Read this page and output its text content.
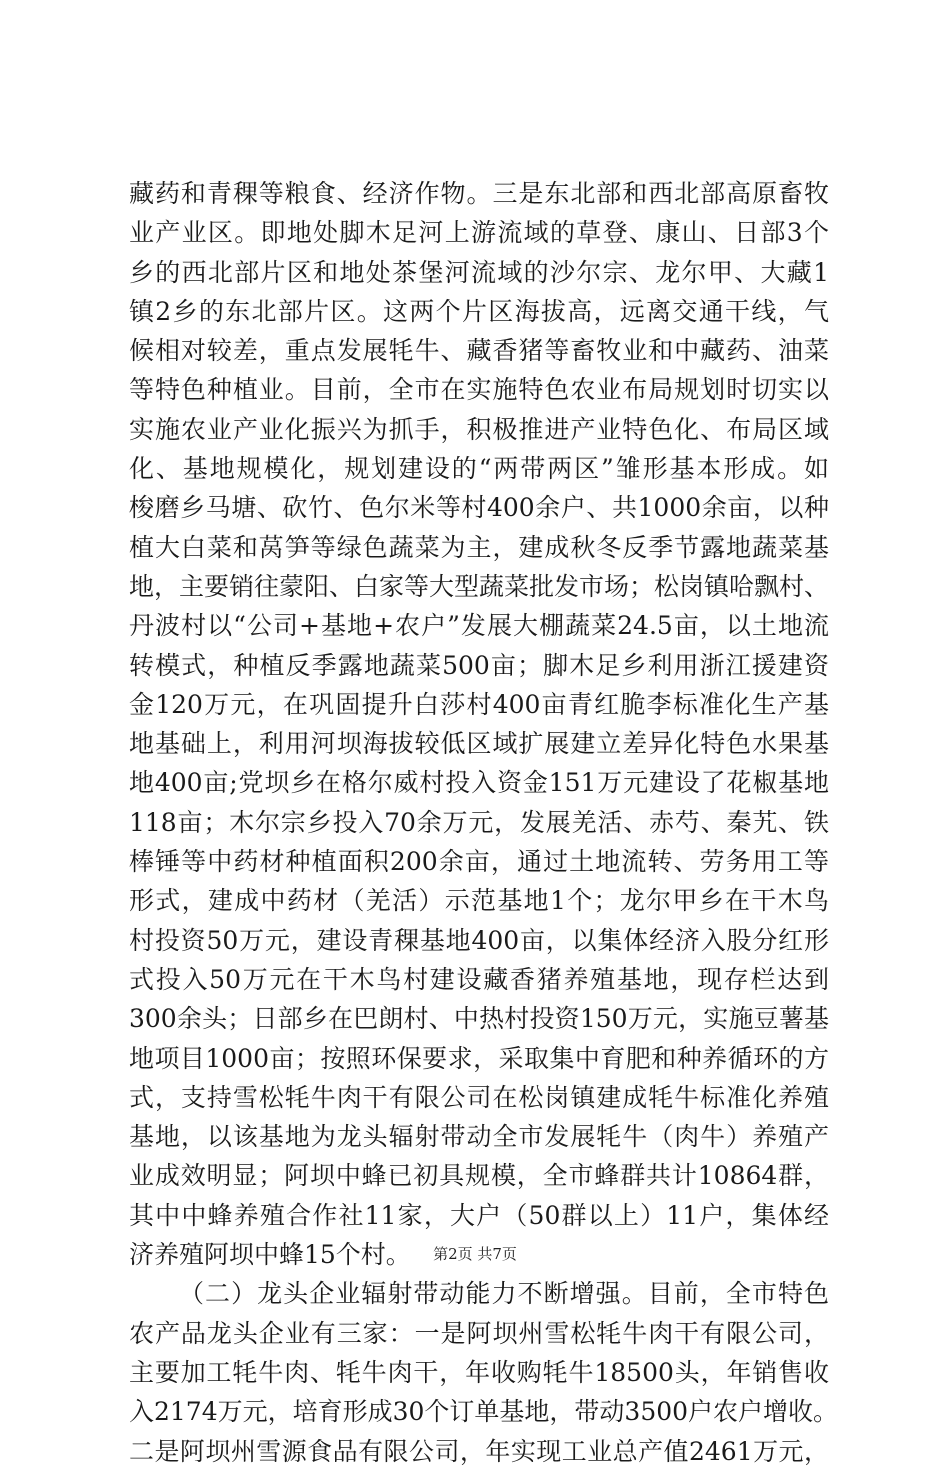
藏药和青稞等粮食、经济作物。三是东北部和西北部高原畜牧
业产业区。即地处脚木足河上游流域的草登、康山、日部3个
乡的西北部片区和地处茶堡河流域的沙尔宗、龙尔甲、大藏1
镇2乡的东北部片区。这两个片区海拔高，远离交通干线，气
候相对较差，重点发展牦牛、藏香猪等畜牧业和中藏药、油菜
等特色种植业。目前，全市在实施特色农业布局规划时切实以
实施农业产业化振兴为抓手，积极推进产业特色化、布局区域
化、基地规模化，规划建设的“两带两区”雏形基本形成。如
梭磨乡马塘、砍竹、色尔米等村400余户、共1000余亩，以种
植大白菜和莴笋等绿色蔬菜为主，建成秋冬反季节露地蔬菜基
地，主要销往蒙阳、白家等大型蔬菜批发市场；松岗镇哈飘村、
丹波村以“公司+基地+农户”发展大棚蔬菜24.5亩，以土地流
转模式，种植反季露地蔬菜500亩；脚木足乡利用浙江援建资
金120万元，在巩固提升白莎村400亩青红脆李标准化生产基
地基础上，利用河坝海拔较低区域扩展建立差异化特色水果基
地400亩;党坝乡在格尔威村投入资金151万元建设了花椒基地
118亩；木尔宗乡投入70余万元，发展羌活、赤芍、秦艽、铁
棒锤等中药材种植面积200余亩，通过土地流转、劳务用工等
形式，建成中药材（羌活）示范基地1个；龙尔甲乡在干木鸟
村投资50万元，建设青稞基地400亩，以集体经济入股分红形
式投入50万元在干木鸟村建设藏香猪养殖基地，现存栏达到
300余头；日部乡在巴朗村、中热村投资150万元，实施豆薯基
地项目1000亩；按照环保要求，采取集中育肥和种养循环的方
式，支持雪松牦牛肉干有限公司在松岗镇建成牦牛标准化养殖
基地，以该基地为龙头辐射带动全市发展牦牛（肉牛）养殖产
业成效明显；阿坝中蜂已初具规模，全市蜂群共计10864群，
其中中蜂养殖合作社11家，大户（50群以上）11户，集体经
济养殖阿坝中蜂15个村。
（二）龙头企业辐射带动能力不断增强。目前，全市特色
农产品龙头企业有三家：一是阿坝州雪松牦牛肉干有限公司，
主要加工牦牛肉、牦牛肉干，年收购牦牛18500头，年销售收
入2174万元，培育形成30个订单基地，带动3500户农户增收。
二是阿坝州雪源食品有限公司，年实现工业总产值2461万元，
第2页 共7页
